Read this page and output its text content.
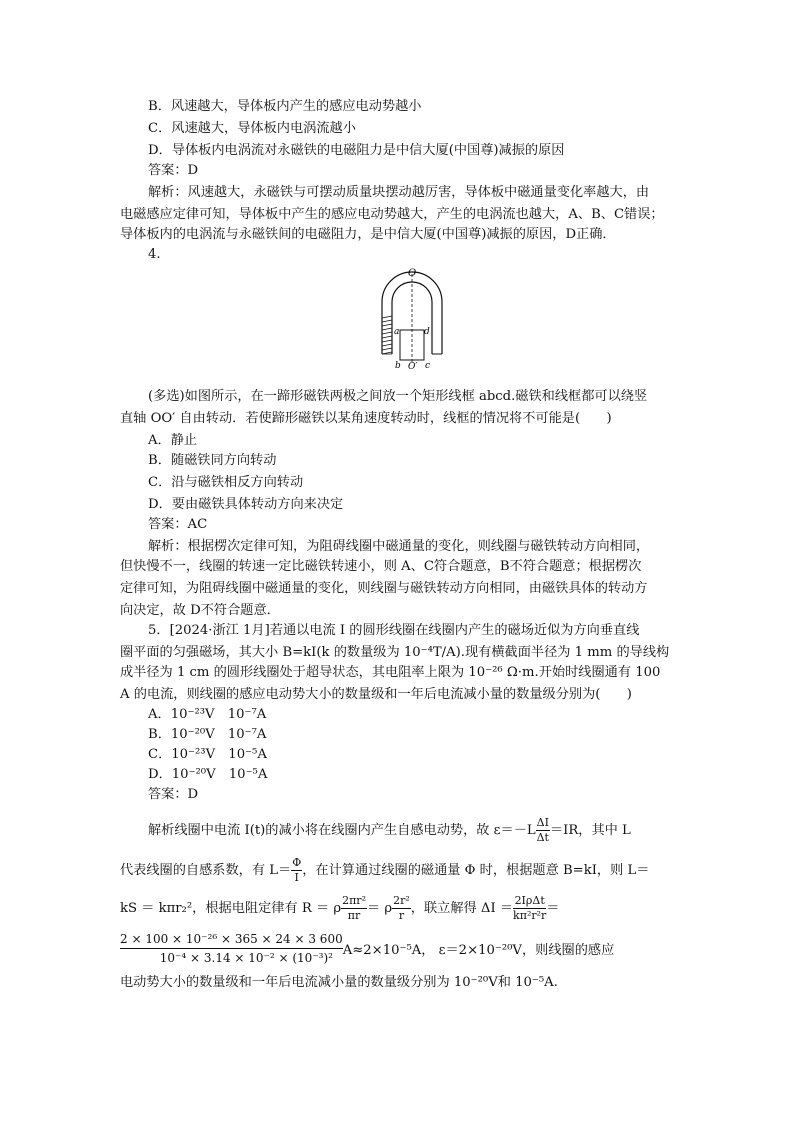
B．风速越大，导体板内产生的感应电动势越小
C．风速越大，导体板内电涡流越小
D．导体板内电涡流对永磁铁的电磁阻力是中信大厦(中国尊)减振的原因
答案：D
解析：风速越大，永磁铁与可摆动质量块摆动越厉害，导体板中磁通量变化率越大，由
电磁感应定律可知，导体板中产生的感应电动势越大，产生的电涡流也越大，A、B、C错误；
导体板内的电涡流与永磁铁间的电磁阻力，是中信大厦(中国尊)减振的原因，D正确．
4.
O
O′
a	d
b	c
(多选)如图所示，在一蹄形磁铁两极之间放一个矩形线框 abcd.磁铁和线框都可以绕竖
直轴 OO′ 自由转动．若使蹄形磁铁以某角速度转动时，线框的情况将不可能是(　　)
A．静止
B．随磁铁同方向转动
C．沿与磁铁相反方向转动
D．要由磁铁具体转动方向来决定
答案：AC
解析：根据楞次定律可知，为阻碍线圈中磁通量的变化，则线圈与磁铁转动方向相同，
但快慢不一，线圈的转速一定比磁铁转速小，则 A、C符合题意，B不符合题意；根据楞次
定律可知，为阻碍线圈中磁通量的变化，则线圈与磁铁转动方向相同，由磁铁具体的转动方
向决定，故 D不符合题意．
5．[2024·浙江 1月]若通以电流 I 的圆形线圈在线圈内产生的磁场近似为方向垂直线
圈平面的匀强磁场，其大小 B=kI(k 的数量级为 10⁻⁴T/A).现有横截面半径为 1 mm 的导线构
成半径为 1 cm 的圆形线圈处于超导状态，其电阻率上限为 10⁻²⁶ Ω·m.开始时线圈通有 100
A 的电流，则线圈的感应电动势大小的数量级和一年后电流减小量的数量级分别为(　　)
A．10⁻²³V　10⁻⁷A
B．10⁻²⁰V　10⁻⁷A
C．10⁻²³V　10⁻⁵A
D．10⁻²⁰V　10⁻⁵A
答案：D
解析线圈中电流 I(t)的减小将在线圈内产生自感电动势，故 $\varepsilon=-L \frac{\Delta I}{\Delta t} =IR$，其中 L
代表线圈的自感系数，有 $L= \frac{\Phi}{I}$ ，在计算通过线圈的磁通量 Φ 时，根据题意 B=kI，则 L＝
kS ＝ kπr₂²，根据电阻定律有 R ＝ ρ $\frac{\text{2πr²}}{\pi r} = \rho \frac{\text{2r²}}{r}$ ，联立解得 $\Delta I = \frac{\text{2IρΔt}}{\text{kπ²r²r}}$ ＝
$\frac{\text{2 × 100 × 10⁻²⁶ × 365 × 24 × 3 600}}{\text{10⁻⁴ × 3.14 × 10⁻² × (10⁻³)²}} A\approx 2\times 10^{-5}A$， ε＝2×10⁻²⁰V，则线圈的感应
电动势大小的数量级和一年后电流减小量的数量级分别为 10⁻²⁰V和 10⁻⁵A.
